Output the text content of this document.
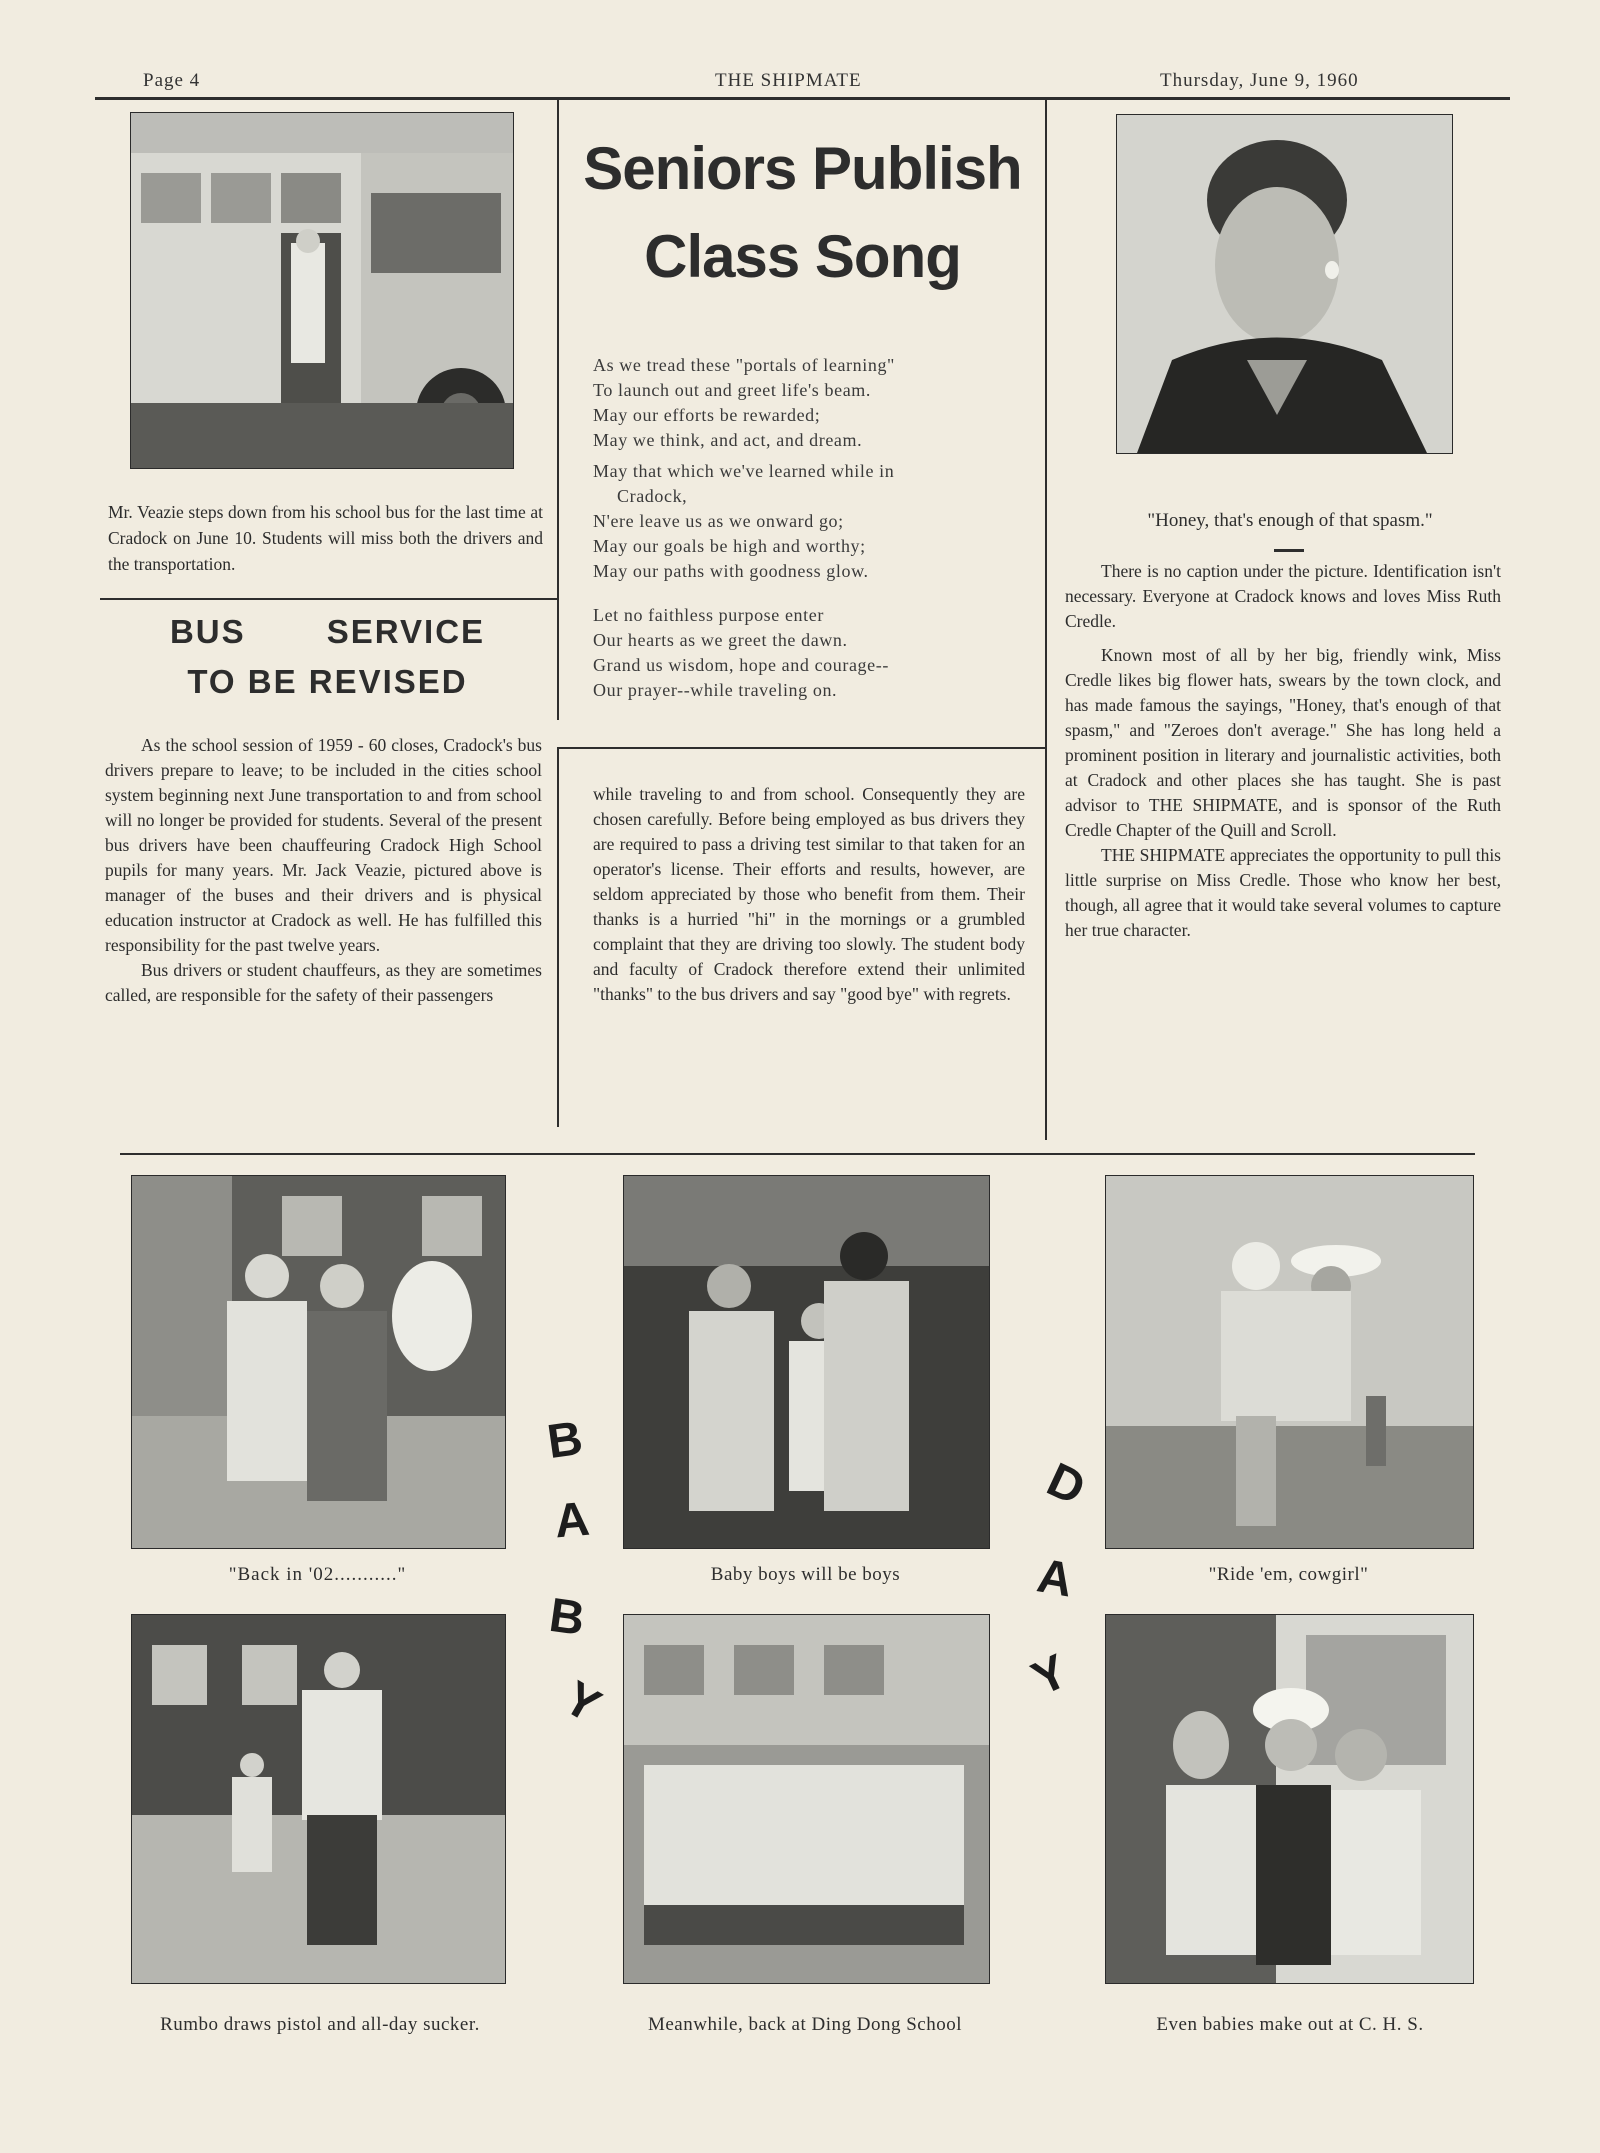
Page 4	THE SHIPMATE	Thursday, June 9, 1960
Mr. Veazie steps down from his school bus for the last time at Cradock on June 10. Students will miss both the drivers and the transportation.
BUS SERVICE
TO BE REVISED

As the school session of 1959 - 60 closes, Cradock's bus drivers prepare to leave; to be included in the cities school system beginning next June transportation to and from school will no longer be provided for students. Several of the present bus drivers have been chauffeuring Cradock High School pupils for many years. Mr. Jack Veazie, pictured above is manager of the buses and their drivers and is physical education instructor at Cradock as well. He has fulfilled this responsibility for the past twelve years.

Bus drivers or student chauffeurs, as they are sometimes called, are responsible for the safety of their passengers

while traveling to and from school. Consequently they are chosen carefully. Before being employed as bus drivers they are required to pass a driving test similar to that taken for an operator's license. Their efforts and results, however, are seldom appreciated by those who benefit from them. Their thanks is a hurried "hi" in the mornings or a grumbled complaint that they are driving too slowly. The student body and faculty of Cradock therefore extend their unlimited "thanks" to the bus drivers and say "good bye" with regrets.

Seniors Publish
Class Song
As we tread these "portals of learning"
To launch out and greet life's beam.
May our efforts be rewarded;
May we think, and act, and dream.
May that which we've learned while in
Cradock,
N'ere leave us as we onward go;
May our goals be high and worthy;
May our paths with goodness glow.
Let no faithless purpose enter
Our hearts as we greet the dawn.
Grand us wisdom, hope and courage--
Our prayer--while traveling on.
"Honey, that's enough of that spasm."

There is no caption under the picture. Identification isn't necessary. Everyone at Cradock knows and loves Miss Ruth Credle.

Known most of all by her big, friendly wink, Miss Credle likes big flower hats, swears by the town clock, and has made famous the sayings, "Honey, that's enough of that spasm," and "Zeroes don't average." She has long held a prominent position in literary and journalistic activities, both at Cradock and other places she has taught. She is past advisor to THE SHIPMATE, and is sponsor of the Ruth Credle Chapter of the Quill and Scroll.

THE SHIPMATE appreciates the opportunity to pull this little surprise on Miss Credle. Those who know her best, though, all agree that it would take several volumes to capture her true character.

B
A
B
Y
D
A
Y
"Back in '02..........."	Baby boys will be boys	"Ride 'em, cowgirl"
Rumbo draws pistol and all-day sucker.	Meanwhile, back at Ding Dong School	Even babies make out at C. H. S.
